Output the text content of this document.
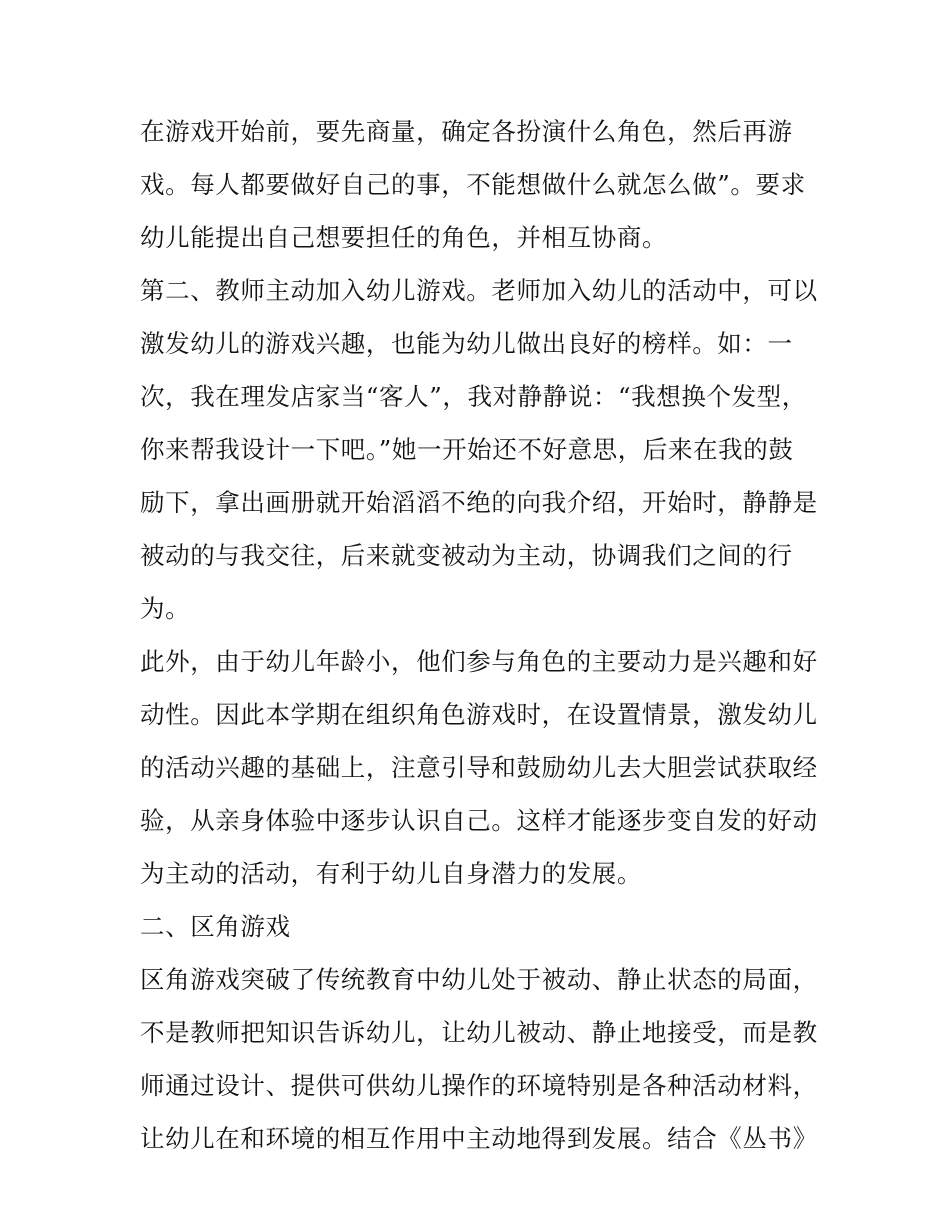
在游戏开始前，要先商量，确定各扮演什么角色，然后再游
戏。每人都要做好自己的事，不能想做什么就怎么做”。要求
幼儿能提出自己想要担任的角色，并相互协商。
第二、教师主动加入幼儿游戏。老师加入幼儿的活动中，可以
激发幼儿的游戏兴趣，也能为幼儿做出良好的榜样。如：一
次，我在理发店家当“客人”，我对静静说：“我想换个发型，
你来帮我设计一下吧。”她一开始还不好意思，后来在我的鼓
励下，拿出画册就开始滔滔不绝的向我介绍，开始时，静静是
被动的与我交往，后来就变被动为主动，协调我们之间的行
为。
此外，由于幼儿年龄小，他们参与角色的主要动力是兴趣和好
动性。因此本学期在组织角色游戏时，在设置情景，激发幼儿
的活动兴趣的基础上，注意引导和鼓励幼儿去大胆尝试获取经
验，从亲身体验中逐步认识自己。这样才能逐步变自发的好动
为主动的活动，有利于幼儿自身潜力的发展。
二、区角游戏
区角游戏突破了传统教育中幼儿处于被动、静止状态的局面，
不是教师把知识告诉幼儿，让幼儿被动、静止地接受，而是教
师通过设计、提供可供幼儿操作的环境特别是各种活动材料，
让幼儿在和环境的相互作用中主动地得到发展。结合《丛书》
